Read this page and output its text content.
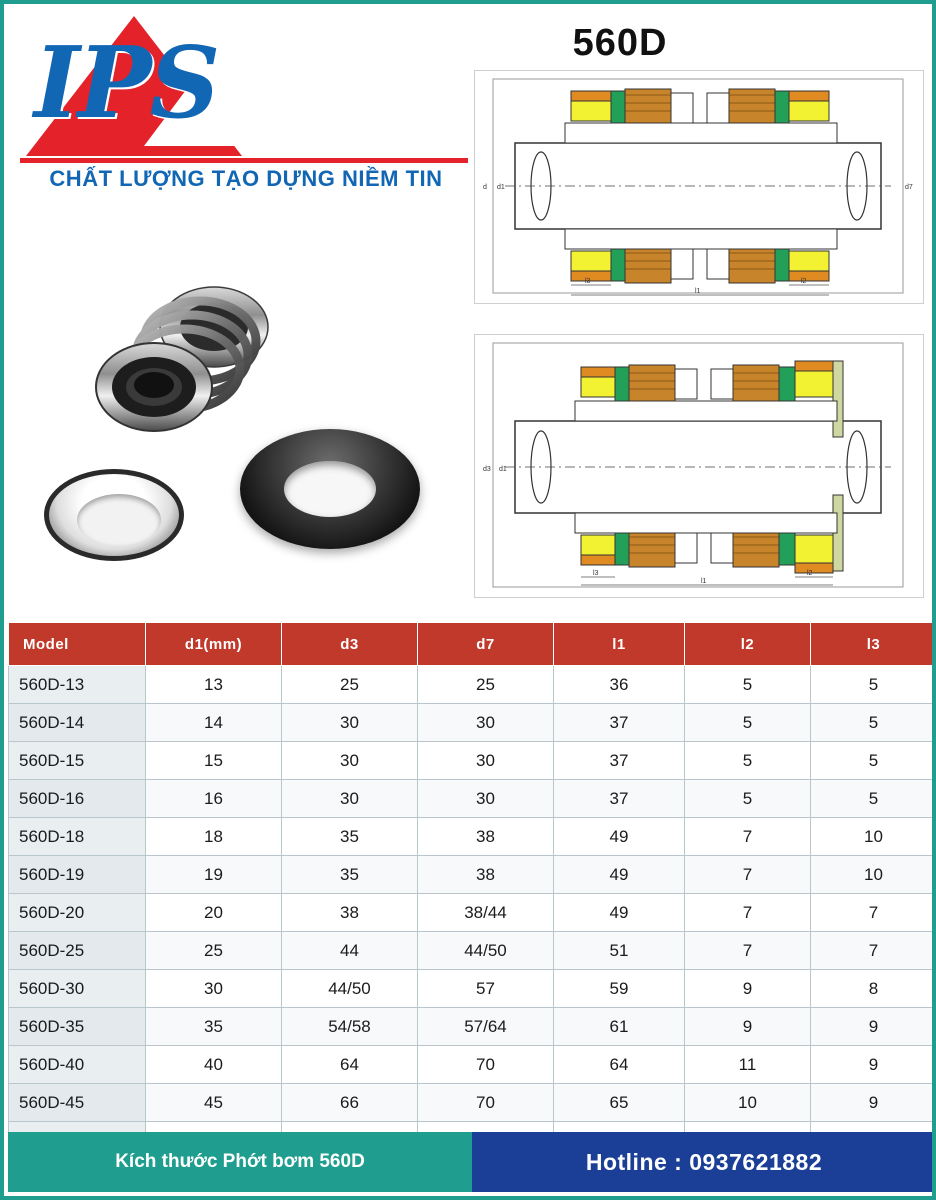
IPS
CHẤT LƯỢNG TẠO DỰNG NIỀM TIN
560D
l3	l2
l1
d d1	d7
l3	l2
l1
d3 d1
Model	d1(mm)	d3	d7	l1	l2	l3
560D-13	13	25	25	36	5	5
560D-14	14	30	30	37	5	5
560D-15	15	30	30	37	5	5
560D-16	16	30	30	37	5	5
560D-18	18	35	38	49	7	10
560D-19	19	35	38	49	7	10
560D-20	20	38	38/44	49	7	7
560D-25	25	44	44/50	51	7	7
560D-30	30	44/50	57	59	9	8
560D-35	35	54/58	57/64	61	9	9
560D-40	40	64	70	64	11	9
560D-45	45	66	70	65	10	9

Kích thước Phớt bơm 560D	Hotline : 0937621882
